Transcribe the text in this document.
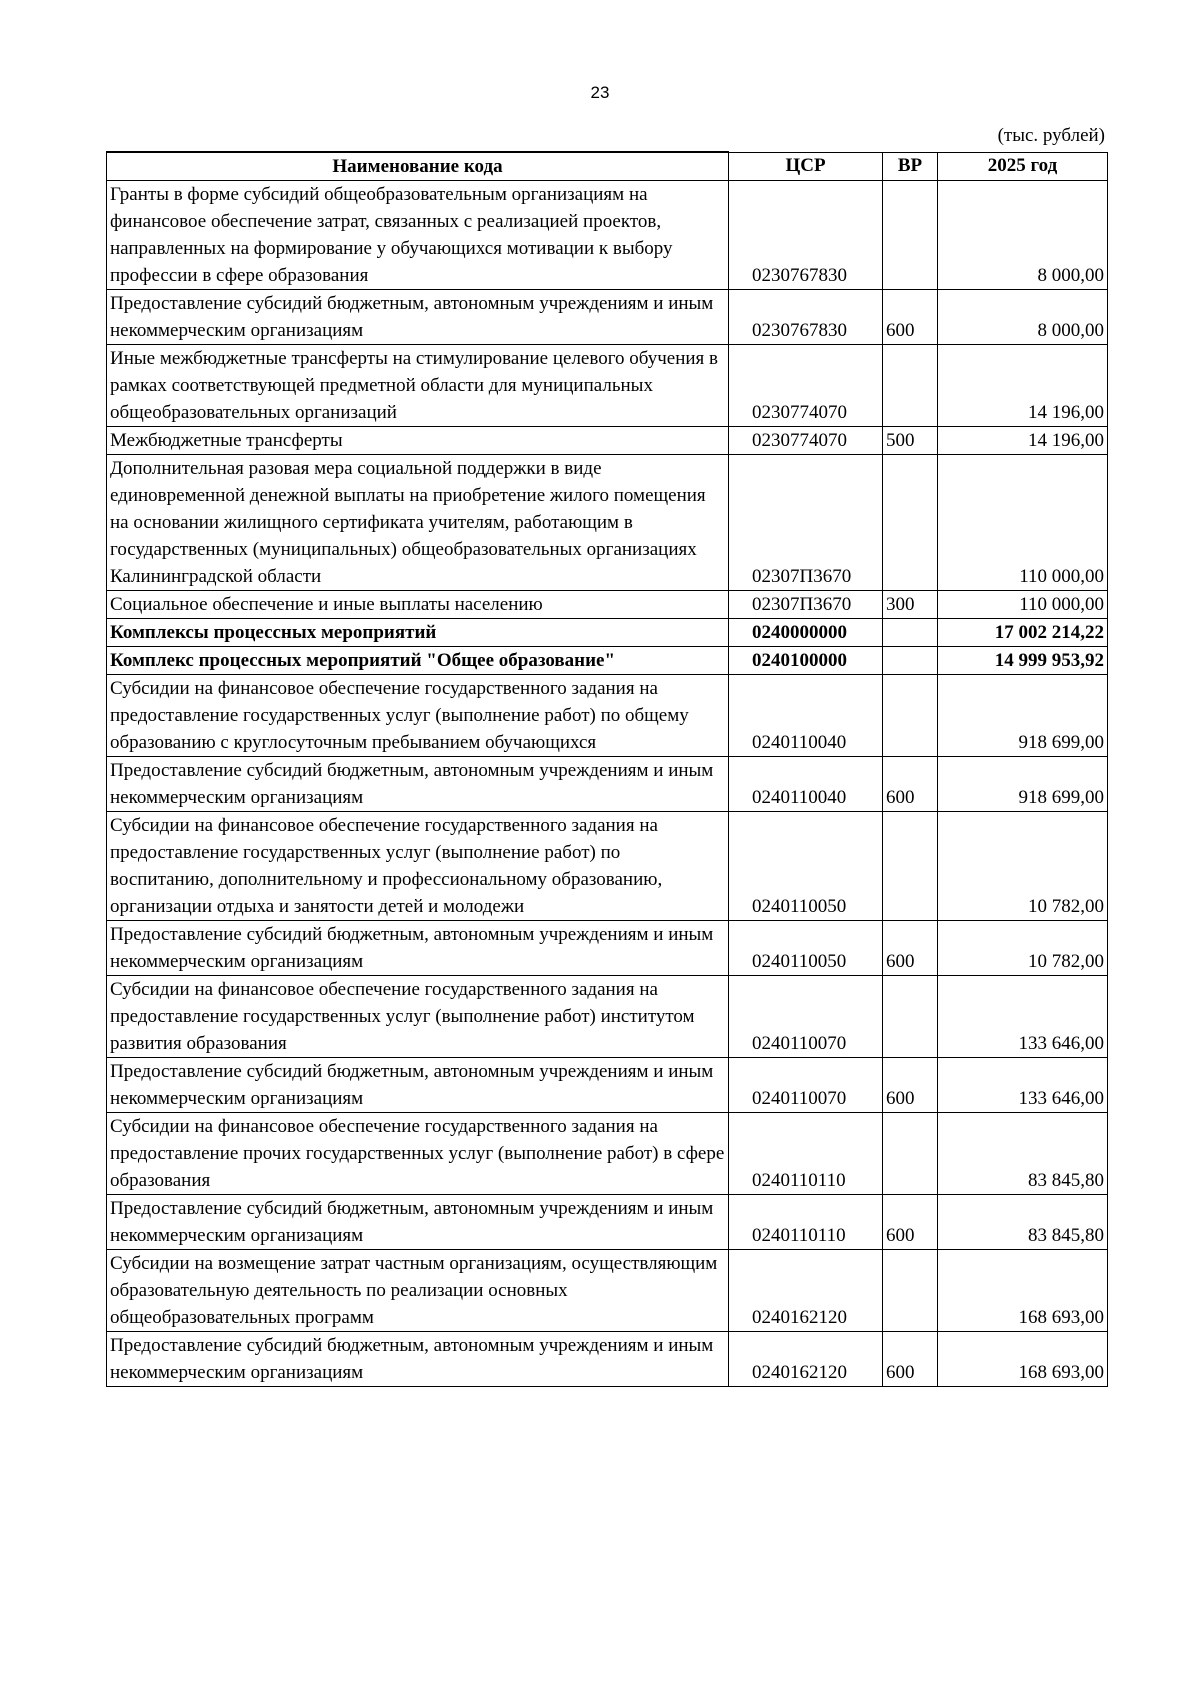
23
(тыс. рублей)
Наименование кода	ЦСР	ВР	2025 год
Гранты в форме субсидий общеобразовательным организациям на финансовое обеспечение затрат, связанных с реализацией проектов, направленных на формирование у обучающихся мотивации к выбору профессии в сфере образования	0230767830		8 000,00
Предоставление субсидий бюджетным, автономным учреждениям и иным некоммерческим организациям	0230767830	600	8 000,00
Иные межбюджетные трансферты на стимулирование целевого обучения в рамках соответствующей предметной области для муниципальных общеобразовательных организаций	0230774070		14 196,00
Межбюджетные трансферты	0230774070	500	14 196,00
Дополнительная разовая мера социальной поддержки в виде единовременной денежной выплаты на приобретение жилого помещения на основании жилищного сертификата учителям, работающим в государственных (муниципальных) общеобразовательных организациях Калининградской области	02307П3670		110 000,00
Социальное обеспечение и иные выплаты населению	02307П3670	300	110 000,00
Комплексы процессных мероприятий	0240000000		17 002 214,22
Комплекс процессных мероприятий "Общее образование"	0240100000		14 999 953,92
Субсидии на финансовое обеспечение государственного задания на предоставление государственных услуг (выполнение работ) по общему образованию с круглосуточным пребыванием обучающихся	0240110040		918 699,00
Предоставление субсидий бюджетным, автономным учреждениям и иным некоммерческим организациям	0240110040	600	918 699,00
Субсидии на финансовое обеспечение государственного задания на предоставление государственных услуг (выполнение работ) по воспитанию, дополнительному и профессиональному образованию, организации отдыха и занятости детей и молодежи	0240110050		10 782,00
Предоставление субсидий бюджетным, автономным учреждениям и иным некоммерческим организациям	0240110050	600	10 782,00
Субсидии на финансовое обеспечение государственного задания на предоставление государственных услуг (выполнение работ) институтом развития образования	0240110070		133 646,00
Предоставление субсидий бюджетным, автономным учреждениям и иным некоммерческим организациям	0240110070	600	133 646,00
Субсидии на финансовое обеспечение государственного задания на предоставление прочих государственных услуг (выполнение работ) в сфере образования	0240110110		83 845,80
Предоставление субсидий бюджетным, автономным учреждениям и иным некоммерческим организациям	0240110110	600	83 845,80
Субсидии на возмещение затрат частным организациям, осуществляющим образовательную деятельность по реализации основных общеобразовательных программ	0240162120		168 693,00
Предоставление субсидий бюджетным, автономным учреждениям и иным некоммерческим организациям	0240162120	600	168 693,00
